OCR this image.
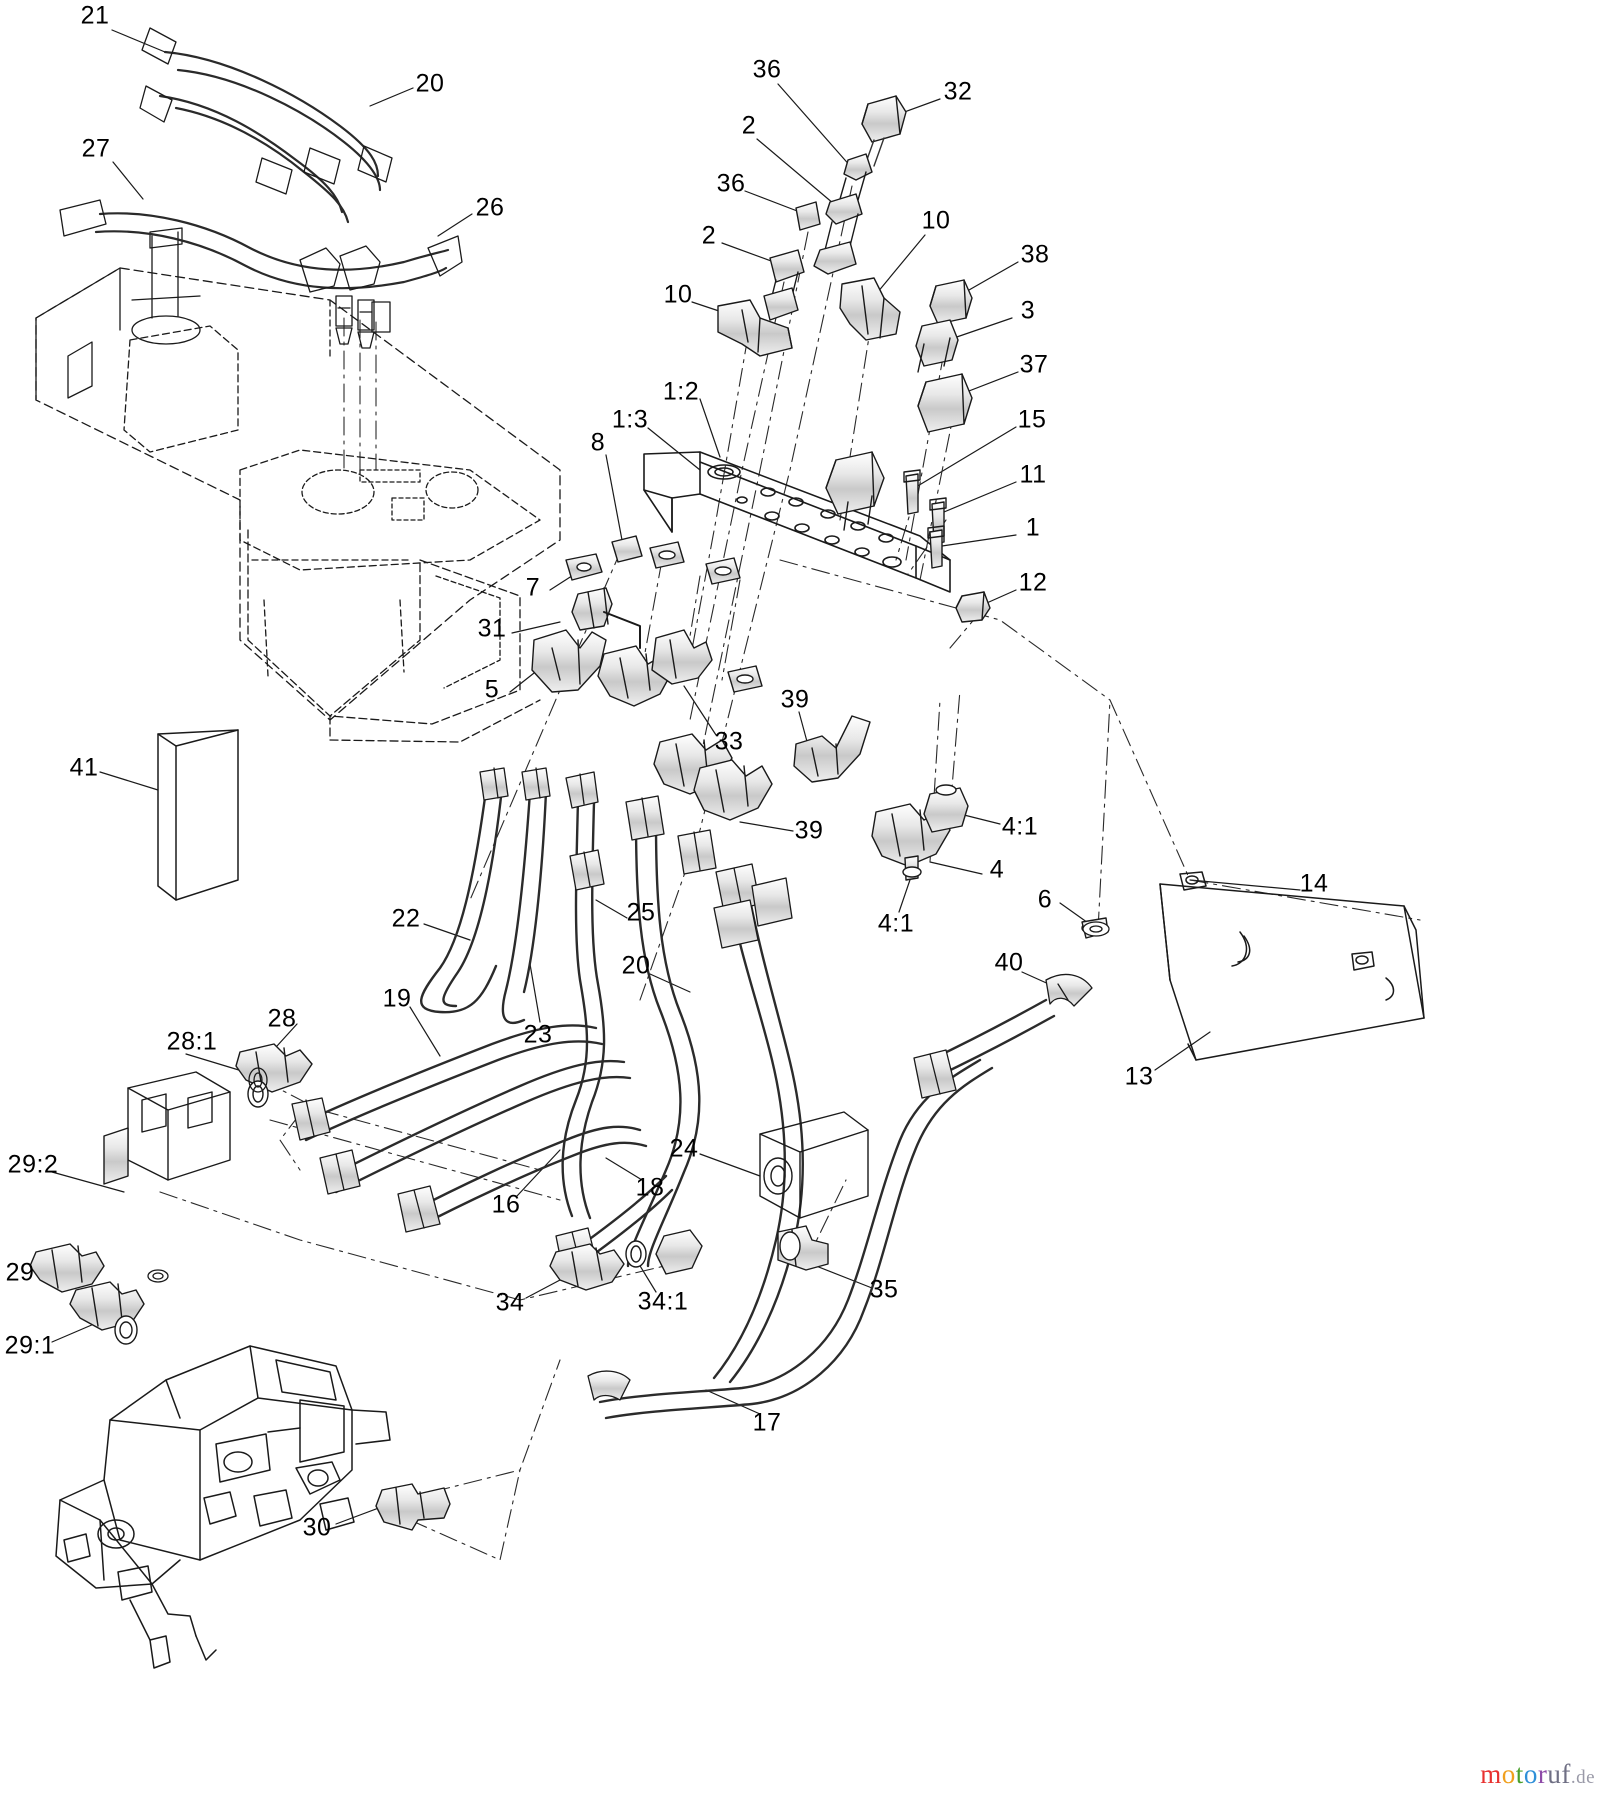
21
20
27
26
36
32
2
36
2
10
38
10
3
37
1:2
1:3	15
11
8
1
12
7
31
5
33
39
39	4:1
4
4:1
6
14
41
22	25
23
20	40
13
19
28
28:1
16
18
24
29:2
29
29:1
34	34:1	35
17
30
motoruf.de
